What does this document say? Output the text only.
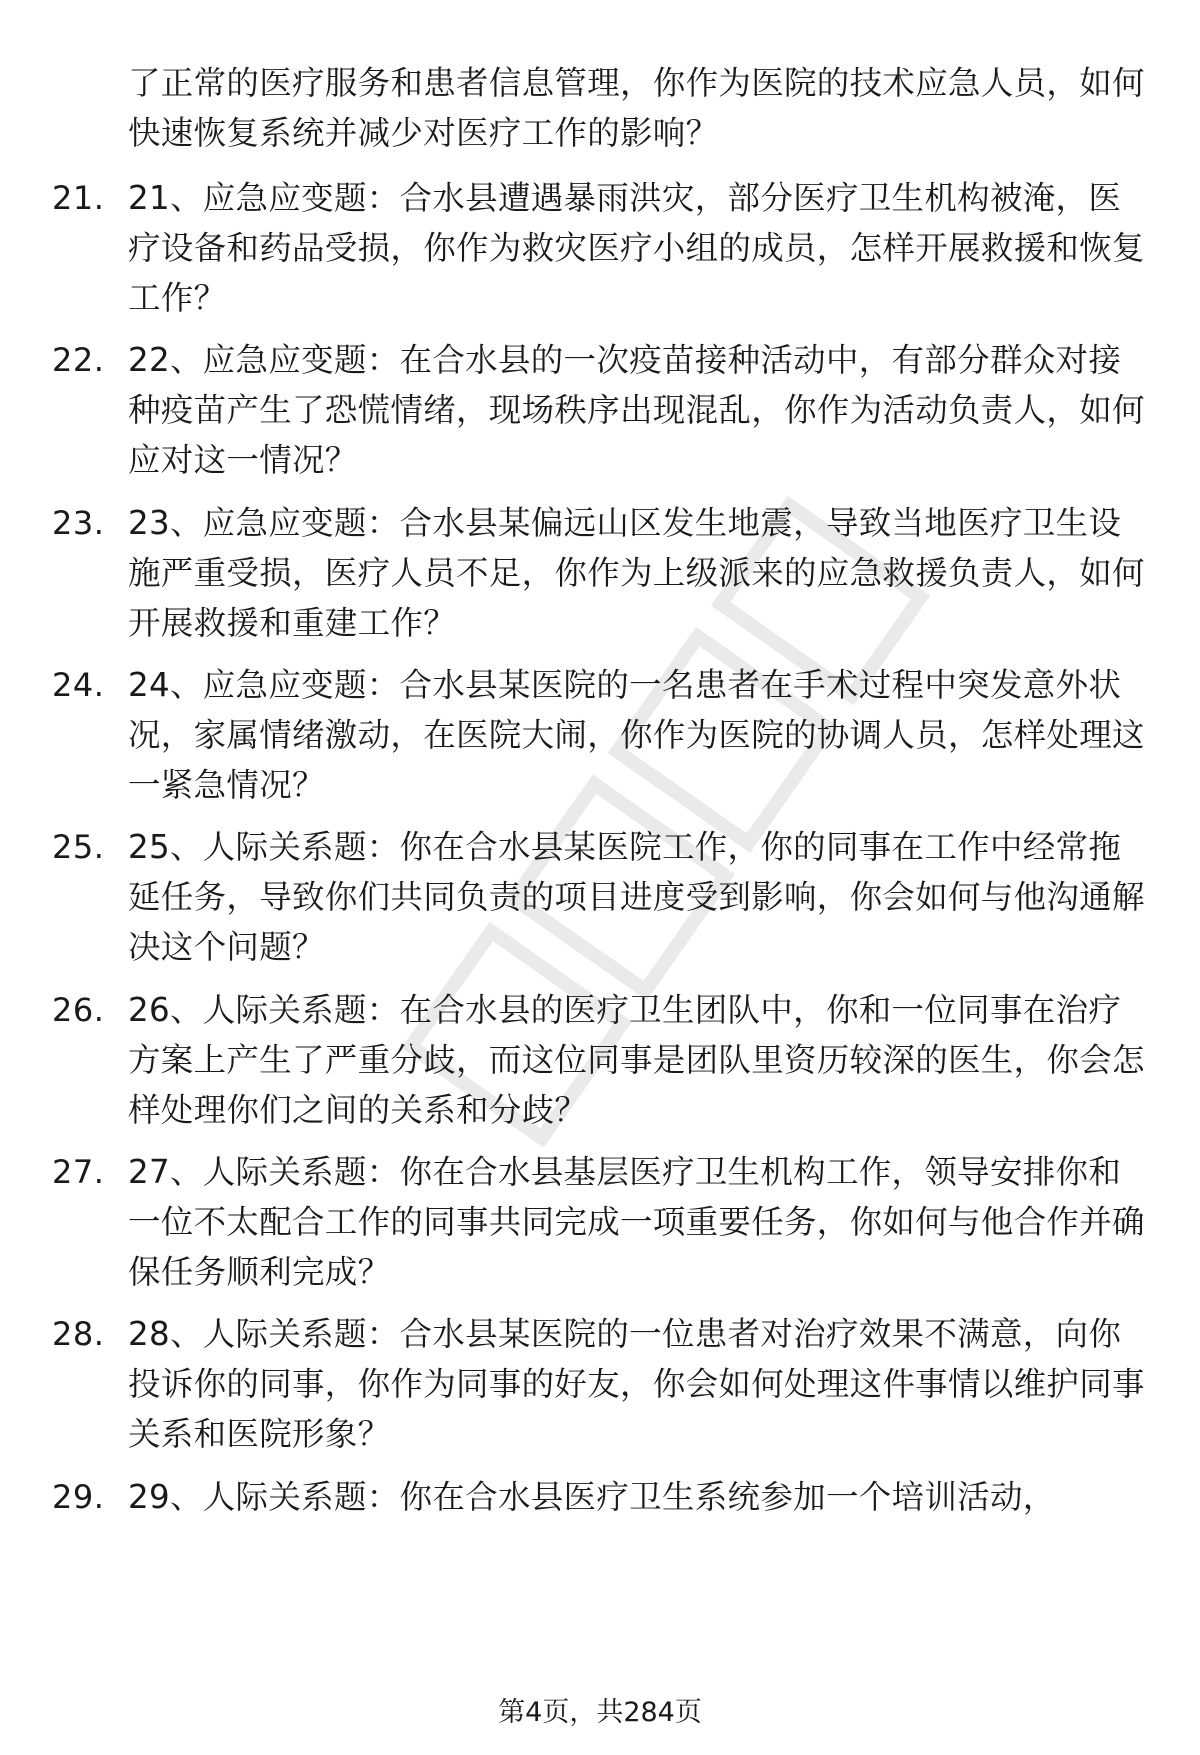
了正常的医疗服务和患者信息管理，你作为医院的技术应急人员，如何快速恢复系统并减少对医疗工作的影响？
21. 21、应急应变题：合水县遭遇暴雨洪灾，部分医疗卫生机构被淹，医疗设备和药品受损，你作为救灾医疗小组的成员，怎样开展救援和恢复工作？
22. 22、应急应变题：在合水县的一次疫苗接种活动中，有部分群众对接种疫苗产生了恐慌情绪，现场秩序出现混乱，你作为活动负责人，如何应对这一情况？
23. 23、应急应变题：合水县某偏远山区发生地震，导致当地医疗卫生设施严重受损，医疗人员不足，你作为上级派来的应急救援负责人，如何开展救援和重建工作？
24. 24、应急应变题：合水县某医院的一名患者在手术过程中突发意外状况，家属情绪激动，在医院大闹，你作为医院的协调人员，怎样处理这一紧急情况？
25. 25、人际关系题：你在合水县某医院工作，你的同事在工作中经常拖延任务，导致你们共同负责的项目进度受到影响，你会如何与他沟通解决这个问题？
26. 26、人际关系题：在合水县的医疗卫生团队中，你和一位同事在治疗方案上产生了严重分歧，而这位同事是团队里资历较深的医生，你会怎样处理你们之间的关系和分歧？
27. 27、人际关系题：你在合水县基层医疗卫生机构工作，领导安排你和一位不太配合工作的同事共同完成一项重要任务，你如何与他合作并确保任务顺利完成？
28. 28、人际关系题：合水县某医院的一位患者对治疗效果不满意，向你投诉你的同事，你作为同事的好友，你会如何处理这件事情以维护同事关系和医院形象？
29. 29、人际关系题：你在合水县医疗卫生系统参加一个培训活动，
第4页，共284页
